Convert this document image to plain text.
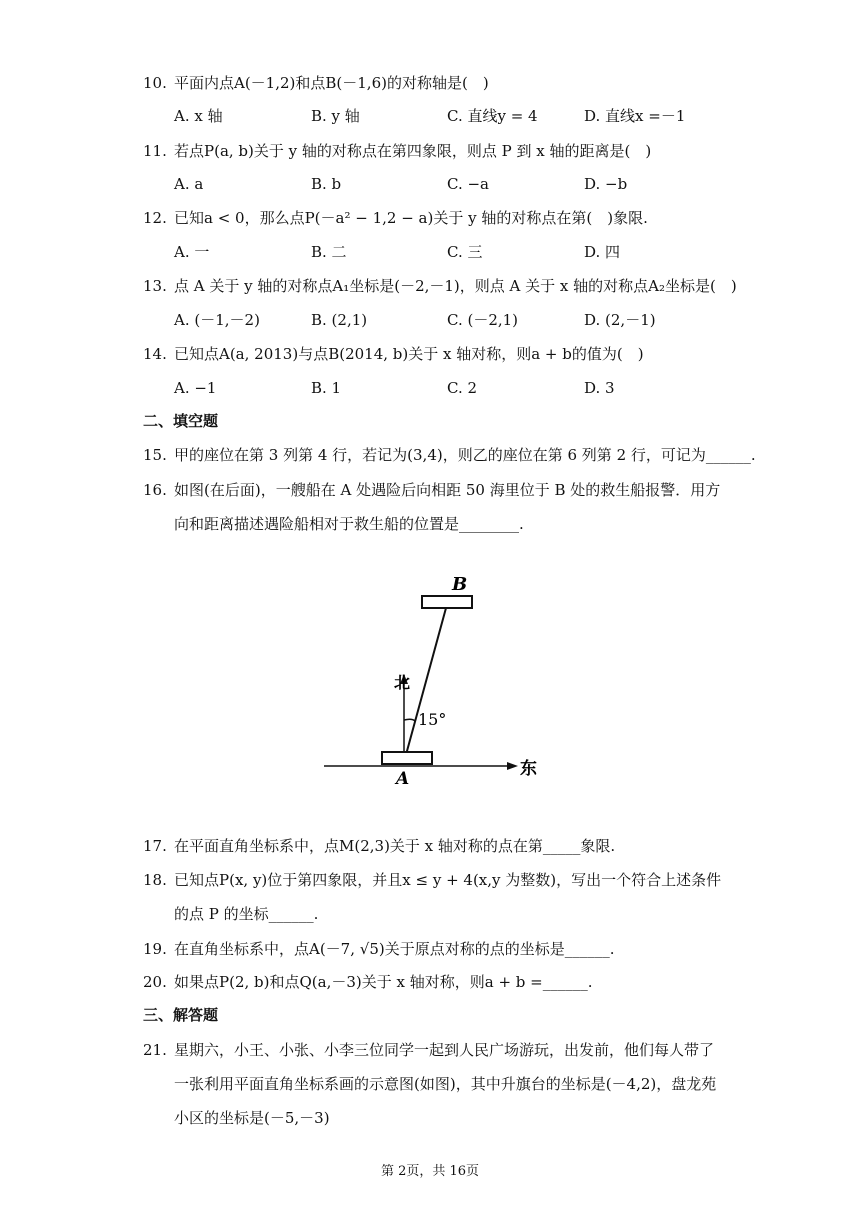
10. 平面内点A(－1,2)和点B(－1,6)的对称轴是(　)
A. x 轴	B. y 轴	C. 直线y = 4	D. 直线x =－1
11. 若点P(a, b)关于 y 轴的对称点在第四象限，则点 P 到 x 轴的距离是(　)
A. a	B. b	C. −a	D. −b
12. 已知a < 0，那么点P(－a² − 1,2 − a)关于 y 轴的对称点在第(　)象限.
A. 一	B. 二	C. 三	D. 四
13. 点 A 关于 y 轴的对称点A₁坐标是(－2,－1)，则点 A 关于 x 轴的对称点A₂坐标是(　)
A. (－1,－2)	B. (2,1)	C. (－2,1)	D. (2,－1)
14. 已知点A(a, 2013)与点B(2014, b)关于 x 轴对称，则a + b的值为(　)
A. −1	B. 1	C. 2	D. 3
二、填空题
15. 甲的座位在第 3 列第 4 行，若记为(3,4)，则乙的座位在第 6 列第 2 行，可记为______.
16. 如图(在后面)，一艘船在 A 处遇险后向相距 50 海里位于 B 处的救生船报警．用方
向和距离描述遇险船相对于救生船的位置是________.
B
北
15°
东
A
17. 在平面直角坐标系中，点M(2,3)关于 x 轴对称的点在第_____象限.
18. 已知点P(x, y)位于第四象限，并且x ≤ y + 4(x,y 为整数)，写出一个符合上述条件
的点 P 的坐标______.
19. 在直角坐标系中，点A(－7, √5)关于原点对称的点的坐标是______.
20. 如果点P(2, b)和点Q(a,－3)关于 x 轴对称，则a + b =______.
三、解答题
21. 星期六，小王、小张、小李三位同学一起到人民广场游玩，出发前，他们每人带了
一张利用平面直角坐标系画的示意图(如图)，其中升旗台的坐标是(－4,2)，盘龙苑
小区的坐标是(－5,－3)
第 2页，共 16页
